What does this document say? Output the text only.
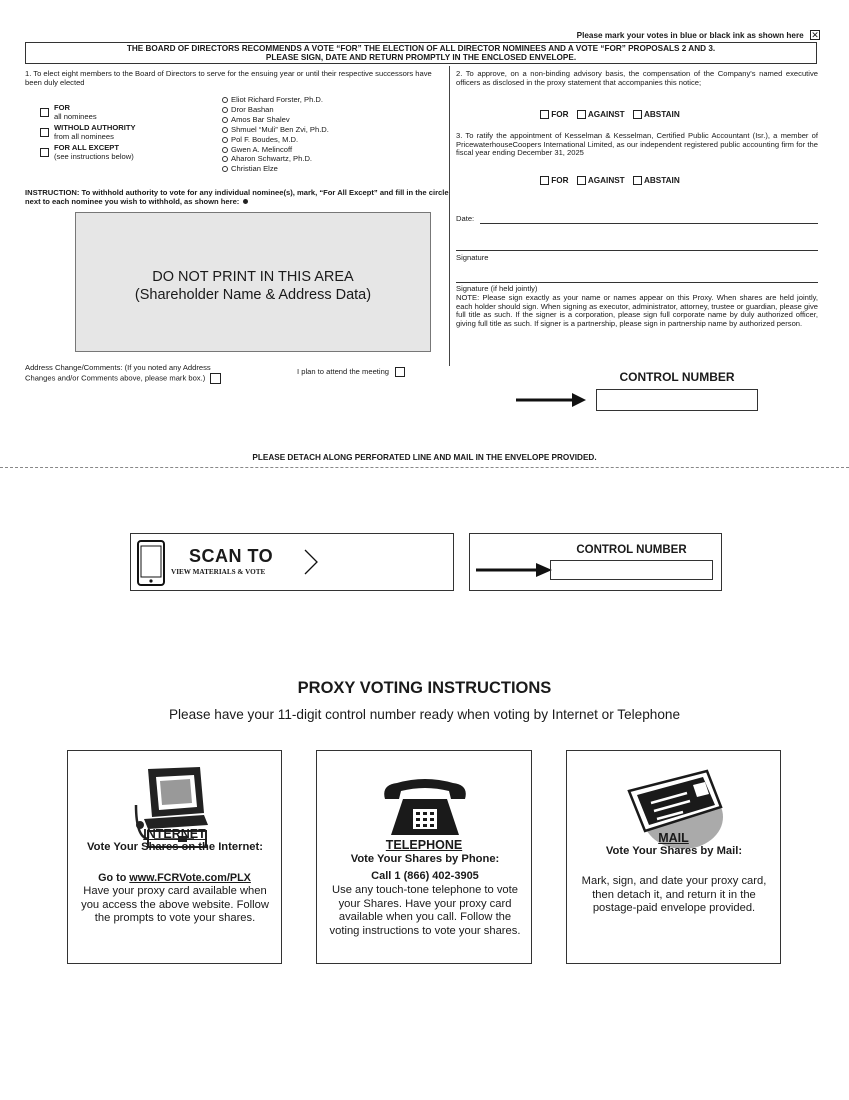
Please mark your votes in blue or black ink as shown here ✕
THE BOARD OF DIRECTORS RECOMMENDS A VOTE “FOR” THE ELECTION OF ALL DIRECTOR NOMINEES AND A VOTE “FOR” PROPOSALS 2 AND 3.
PLEASE SIGN, DATE AND RETURN PROMPTLY IN THE ENCLOSED ENVELOPE.
1. To elect eight members to the Board of Directors to serve for the ensuing year or until their respective successors have been duly elected
FOR
all nominees
WITHOLD AUTHORITY
from all nominees
FOR ALL EXCEPT
(see instructions below)
Eliot Richard Forster, Ph.D.
Dror Bashan
Amos Bar Shalev
Shmuel “Muli” Ben Zvi, Ph.D.
Pol F. Boudes, M.D.
Gwen A. Melincoff
Aharon Schwartz, Ph.D.
Christian Elze
INSTRUCTION: To withhold authority to vote for any individual nominee(s), mark, “For All Except” and fill in the circle next to each nominee you wish to withhold, as shown here:
2. To approve, on a non-binding advisory basis, the compensation of the Company's named executive officers as disclosed in the proxy statement that accompanies this notice;
FOR AGAINST ABSTAIN
3. To ratify the appointment of Kesselman & Kesselman, Certified Public Accountant (Isr.), a member of PricewaterhouseCoopers International Limited, as our independent registered public accounting firm for the fiscal year ending December 31, 2025
FOR AGAINST ABSTAIN
DO NOT PRINT IN THIS AREA
(Shareholder Name & Address Data)
Date:
Signature
Signature (if held jointly)
NOTE: Please sign exactly as your name or names appear on this Proxy. When shares are held jointly, each holder should sign. When signing as executor, administrator, attorney, trustee or guardian, please give full title as such. If the signer is a corporation, please sign full corporate name by duly authorized officer, giving full title as such. If signer is a partnership, please sign in partnership name by authorized person.
Address Change/Comments: (If you noted any Address
Changes and/or Comments above, please mark box.)
I plan to attend the meeting	CONTROL NUMBER
PLEASE DETACH ALONG PERFORATED LINE AND MAIL IN THE ENVELOPE PROVIDED.
SCAN TO
VIEW MATERIALS & VOTE
CONTROL NUMBER
PROXY VOTING INSTRUCTIONS
Please have your 11-digit control number ready when voting by Internet or Telephone
INTERNET
Vote Your Shares on the Internet:
Go to www.FCRVote.com/PLX
Have your proxy card available when you access the above website. Follow the prompts to vote your shares.
TELEPHONE
Vote Your Shares by Phone:
Call 1 (866) 402-3905
Use any touch-tone telephone to vote your Shares. Have your proxy card available when you call. Follow the voting instructions to vote your shares.
MAIL
Vote Your Shares by Mail:
Mark, sign, and date your proxy card, then detach it, and return it in the postage-paid envelope provided.
